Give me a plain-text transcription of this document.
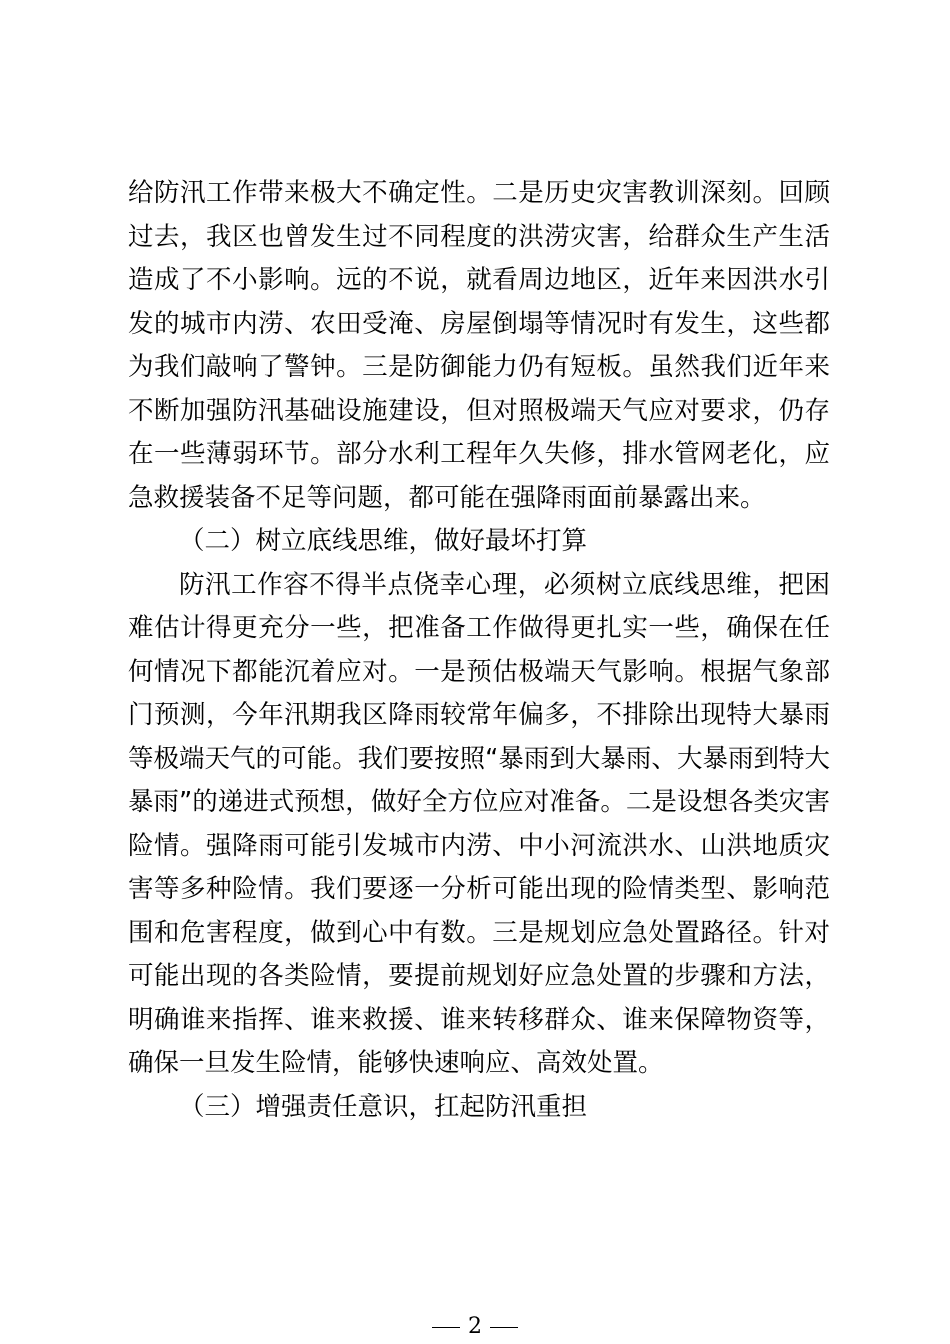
给防汛工作带来极大不确定性。二是历史灾害教训深刻。回顾
过去，我区也曾发生过不同程度的洪涝灾害，给群众生产生活
造成了不小影响。远的不说，就看周边地区，近年来因洪水引
发的城市内涝、农田受淹、房屋倒塌等情况时有发生，这些都
为我们敲响了警钟。三是防御能力仍有短板。虽然我们近年来
不断加强防汛基础设施建设，但对照极端天气应对要求，仍存
在一些薄弱环节。部分水利工程年久失修，排水管网老化，应
急救援装备不足等问题，都可能在强降雨面前暴露出来。
（二）树立底线思维，做好最坏打算
防汛工作容不得半点侥幸心理，必须树立底线思维，把困
难估计得更充分一些，把准备工作做得更扎实一些，确保在任
何情况下都能沉着应对。一是预估极端天气影响。根据气象部
门预测，今年汛期我区降雨较常年偏多，不排除出现特大暴雨
等极端天气的可能。我们要按照“暴雨到大暴雨、大暴雨到特大
暴雨”的递进式预想，做好全方位应对准备。二是设想各类灾害
险情。强降雨可能引发城市内涝、中小河流洪水、山洪地质灾
害等多种险情。我们要逐一分析可能出现的险情类型、影响范
围和危害程度，做到心中有数。三是规划应急处置路径。针对
可能出现的各类险情，要提前规划好应急处置的步骤和方法，
明确谁来指挥、谁来救援、谁来转移群众、谁来保障物资等，
确保一旦发生险情，能够快速响应、高效处置。
（三）增强责任意识，扛起防汛重担
2
